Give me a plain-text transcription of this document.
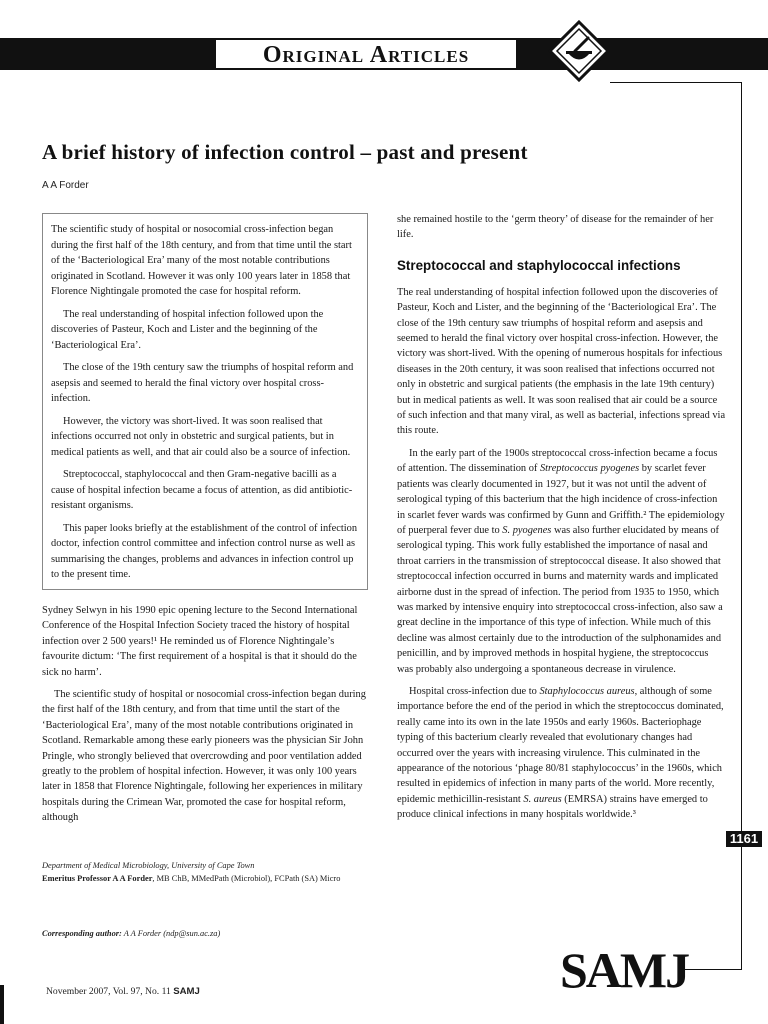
Original Articles
1161
A brief history of infection control – past and present
A A Forder

The scientific study of hospital or nosocomial cross-infection began during the first half of the 18th century, and from that time until the start of the ‘Bacteriological Era’ many of the most notable contributions originated in Scotland. However it was only 100 years later in 1858 that Florence Nightingale promoted the case for hospital reform.

The real understanding of hospital infection followed upon the discoveries of Pasteur, Koch and Lister and the beginning of the ‘Bacteriological Era’.

The close of the 19th century saw the triumphs of hospital reform and asepsis and seemed to herald the final victory over hospital cross-infection.

However, the victory was short-lived. It was soon realised that infections occurred not only in obstetric and surgical patients, but in medical patients as well, and that air could also be a source of infection.

Streptococcal, staphylococcal and then Gram-negative bacilli as a cause of hospital infection became a focus of attention, as did antibiotic-resistant organisms.

This paper looks briefly at the establishment of the control of infection doctor, infection control committee and infection control nurse as well as summarising the changes, problems and advances in infection control up to the present time.

Sydney Selwyn in his 1990 epic opening lecture to the Second International Conference of the Hospital Infection Society traced the history of hospital infection over 2 500 years!¹ He reminded us of Florence Nightingale’s favourite dictum: ‘The first requirement of a hospital is that it should do the sick no harm’.

The scientific study of hospital or nosocomial cross-infection began during the first half of the 18th century, and from that time until the start of the ‘Bacteriological Era’, many of the most notable contributions originated in Scotland. Remarkable among these early pioneers was the physician Sir John Pringle, who strongly believed that overcrowding and poor ventilation added greatly to the problem of hospital infection. However, it was only 100 years later in 1858 that Florence Nightingale, following her experiences in military hospitals during the Crimean War, promoted the case for hospital reform, although

she remained hostile to the ‘germ theory’ of disease for the remainder of her life.

Streptococcal and staphylococcal infections

The real understanding of hospital infection followed upon the discoveries of Pasteur, Koch and Lister, and the beginning of the ‘Bacteriological Era’. The close of the 19th century saw triumphs of hospital reform and asepsis and seemed to herald the final victory over hospital cross-infection. However, the victory was short-lived. With the opening of numerous hospitals for infectious diseases in the 20th century, it was soon realised that infections occurred not only in obstetric and surgical patients (the emphasis in the late 19th century) but in medical patients as well. It was soon realised that air could be a source of such infection and that many viral, as well as bacterial, infections spread via this route.

In the early part of the 1900s streptococcal cross-infection became a focus of attention. The dissemination of Streptococcus pyogenes by scarlet fever patients was clearly documented in 1927, but it was not until the advent of serological typing of this bacterium that the high incidence of cross-infection in scarlet fever wards was confirmed by Gunn and Griffith.² The epidemiology of puerperal fever due to S. pyogenes was also further elucidated by means of serological typing. This work fully established the importance of nasal and throat carriers in the transmission of streptococcal disease. It also showed that streptococcal infection occurred in burns and maternity wards and implicated airborne dust in the spread of infection. The period from 1935 to 1950, which was marked by intensive enquiry into streptococcal cross-infection, also saw a great decline in the importance of this type of infection. While much of this decline was almost certainly due to the introduction of the sulphonamides and penicillin, and by improved methods in hospital hygiene, the streptococcus was probably also undergoing a spontaneous decrease in virulence.

Hospital cross-infection due to Staphylococcus aureus, although of some importance before the end of the period in which the streptococcus dominated, really came into its own in the late 1950s and early 1960s. Bacteriophage typing of this bacterium clearly revealed that evolutionary changes had occurred over the years with increasing virulence. This culminated in the appearance of the notorious ‘phage 80/81 staphylococcus’ in the 1960s, which resulted in epidemics of infection in many parts of the world. More recently, epidemic methicillin-resistant S. aureus (EMRSA) strains have emerged to produce clinical infections in many hospitals worldwide.³

Department of Medical Microbiology, University of Cape Town
Emeritus Professor A A Forder, MB ChB, MMedPath (Microbiol), FCPath (SA) Micro
Corresponding author: A A Forder (ndp@sun.ac.za)
November 2007, Vol. 97, No. 11 SAMJ	SAMJ
